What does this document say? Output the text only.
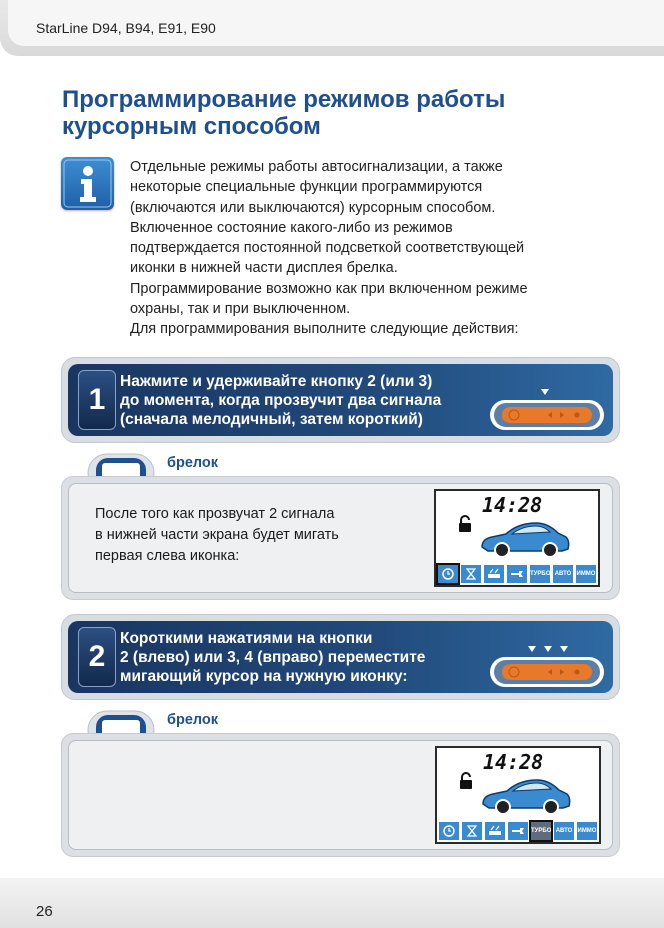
StarLine D94, B94, E91, E90
Программирование режимов работы
курсорным способом

Отдельные режимы работы автосигнализации, а также

некоторые специальные функции программируются

(включаются или выключаются) курсорным способом.

Включенное состояние какого-либо из режимов

подтверждается постоянной подсветкой соответствующей

иконки в нижней части дисплея брелка.

Программирование возможно как при включенном режиме

охраны, так и при выключенном.

Для программирования выполните следующие действия:

1
Нажмите и удерживайте кнопку 2 (или 3)
до момента, когда прозвучит два сигнала
(сначала мелодичный, затем короткий)
брелок
После того как прозвучат 2 сигнала
в нижней части экрана будет мигать
первая слева иконка:
14:28
ТУРБО АВТО ИММО
2
Короткими нажатиями на кнопки
2 (влево) или 3, 4 (вправо) переместите
мигающий курсор на нужную иконку:
брелок
14:28
ТУРБО АВТО ИММО
26
